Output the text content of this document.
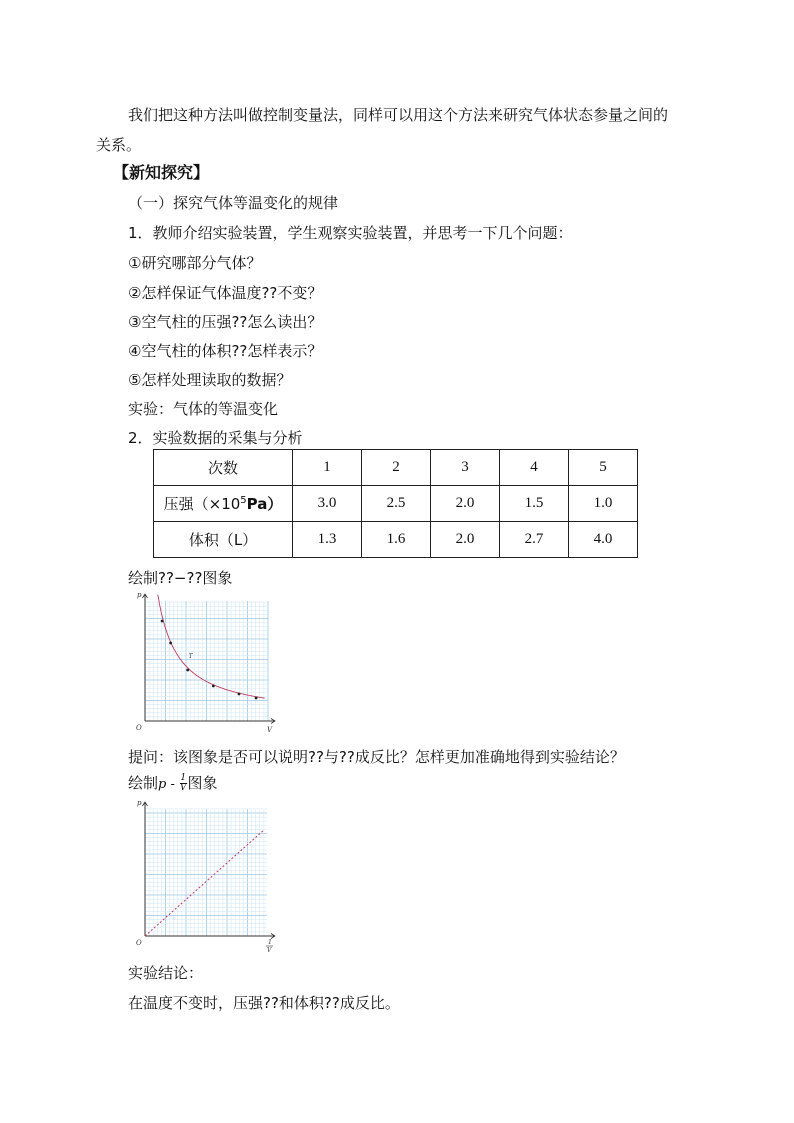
我们把这种方法叫做控制变量法，同样可以用这个方法来研究气体状态参量之间的
关系。
【新知探究】
（一）探究气体等温变化的规律
1．教师介绍实验装置，学生观察实验装置，并思考一下几个问题：
①研究哪部分气体？
②怎样保证气体温度??不变？
③空气柱的压强??怎么读出？
④空气柱的体积??怎样表示？
⑤怎样处理读取的数据？
实验：气体的等温变化
2．实验数据的采集与分析
次数	1	2	3	4	5
压强$(\times 10^5Pa)$	3.0	2.5	2.0	1.5	1.0
体积（L）	1.3	1.6	2.0	2.7	4.0
绘制??−??图象
p
O	V
T
提问：该图象是否可以说明??与??成反比？怎样更加准确地得到实验结论？
绘制p - $\frac{1}{V}$ 图象
p
O	1
V
实验结论：
在温度不变时，压强??和体积??成反比。
